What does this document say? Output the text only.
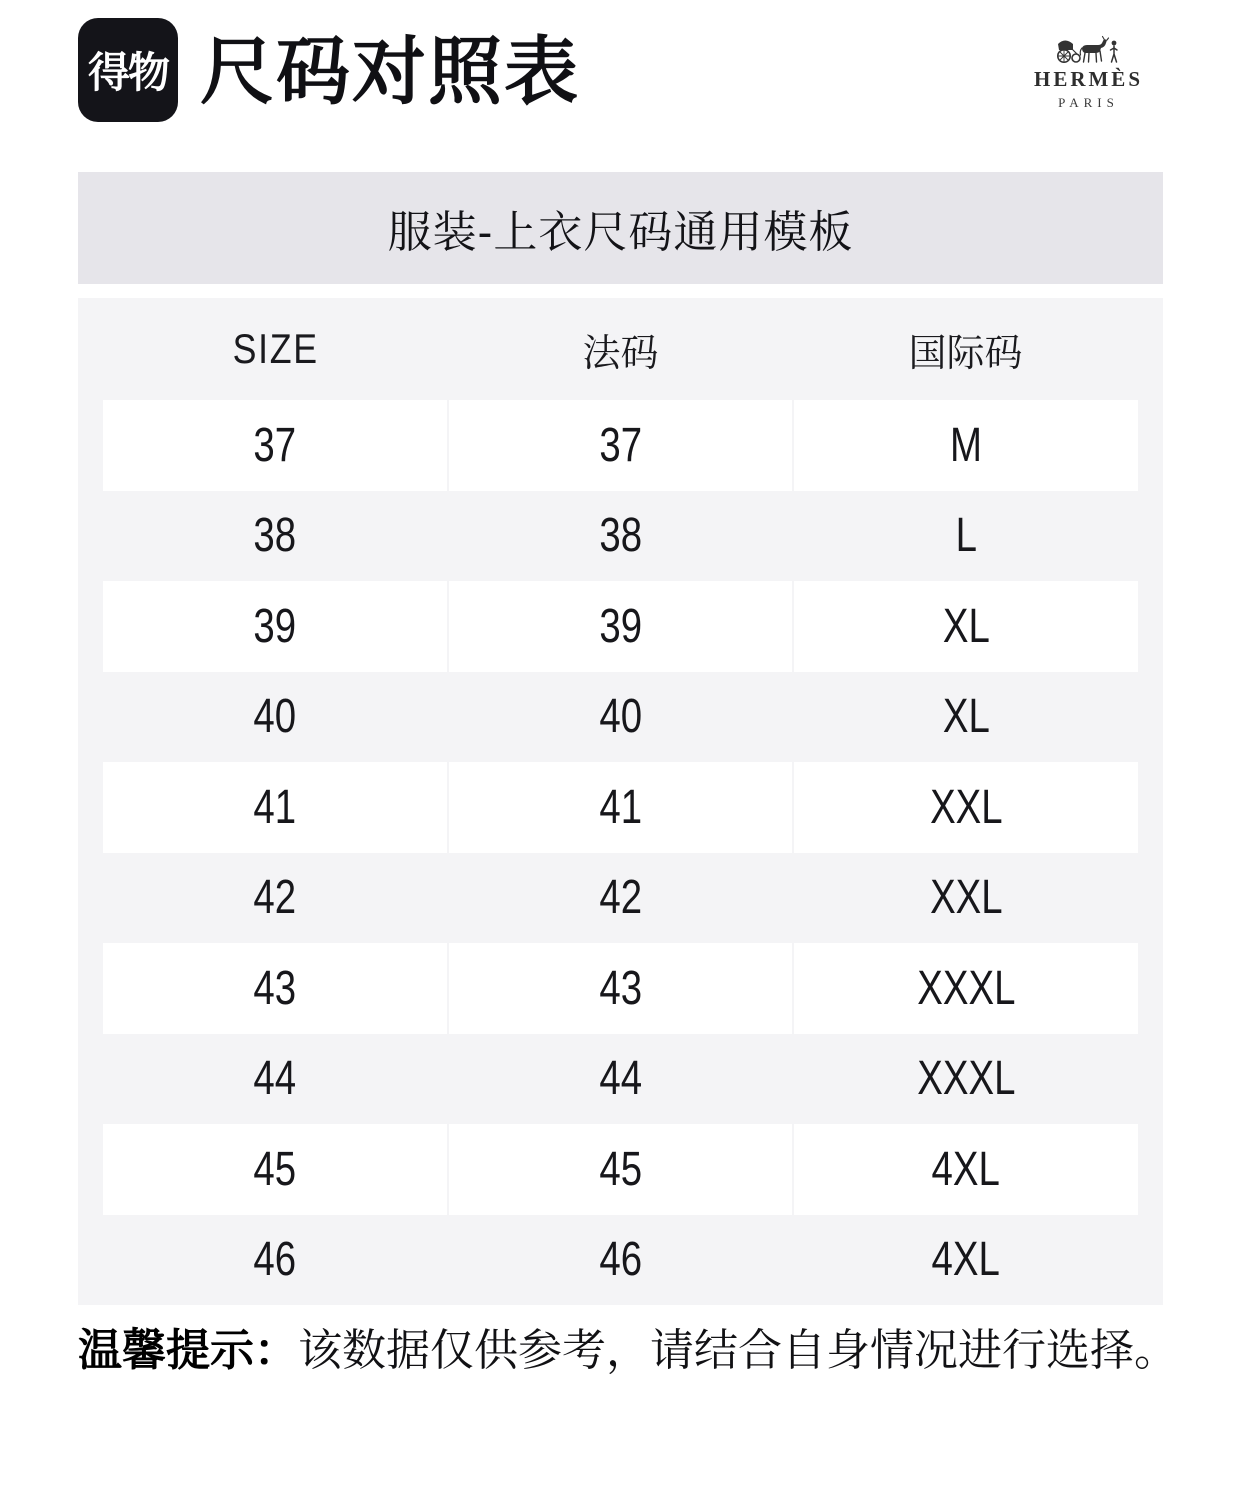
得物 尺码对照表	HERMÈS
PARIS
服装-上衣尺码通用模板
SIZE	法码	国际码
37	37	M
38	38	L
39	39	XL
40	40	XL
41	41	XXL
42	42	XXL
43	43	XXXL
44	44	XXXL
45	45	4XL
46	46	4XL
温馨提示：该数据仅供参考，请结合自身情况进行选择。
